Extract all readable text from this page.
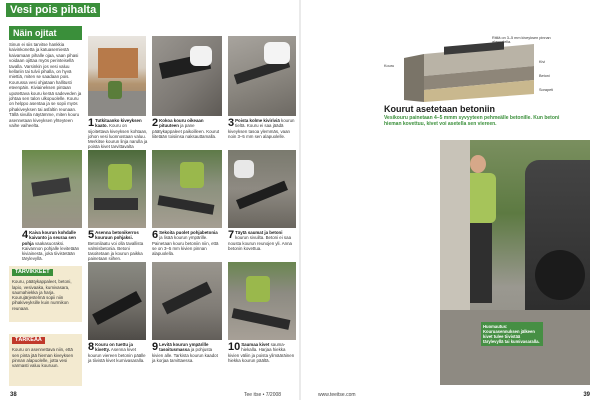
Vesi pois pihalta
Näin ojitat
Sinun ei siis tarvitse hankkia kaivinkonetta ja katuasemiestä kaivamaan pihalle ojaa, vaan pihasi voidaan ojittaa myös perinteisellä tavalla. Varsinkin jos vesi valuu kellariin tai tulvii pihalla, on hyvä miettiä, miten se saadaan pois. Kourussa vesi ohjataan hallitusti eteenpäin. Kiviaineksen pintaan upotettava kouru kerää sadeveden ja johtaa sen talon ulkopuolelle. Kouru on helppo asentaa ja se sopii myös pihakiveyksen tai asfaltin reunaan. Tällä sivulla näytämme, miten kouru asennetaan kiveyksen yhteyteen vaihe vaiheelta.	1 Tutkitaanko kiveyksen kaato. Kouru on sijoitettava kiveyksen kohtaan, johon vesi luonnostaan valuu. Merkitse kourun linja narulla ja poista kivet tarvittavalta
2 Kokoa kouru oikeaan pituuteen ja pane päätykappaleet paikoilleen. Kourut liitetään toisiinsa naksauttamalla.
3 Poista kolme kiviriviä kourun tieltä. Kouru ei saa jäädä kiveyksen tasoa ylemmäs, vaan noin 3–5 mm sen alapuolelle.
4 Kaiva kourun kohdalle kaivanto ja seuraa sen pohja vaakasuoraksi. Kaivannon pohjalle levitetään kiviainesta, joka tiivistetään tärylevyllä.
5 Asenna betonikerros kouruun pohjaksi. Betonilaatu voi olla tavallista valmisbetonia. Betoni tasoitetaan ja kourun paikka painetaan siihen.
6 Sekoita puolet pohjabetonia ja lisää kourun ympärille. Painetaan kouru betoniin niin, että se on 3–5 mm kivien pinnan alapuolella.
7 Täytä saumat ja betoni kourun sivuilta. Betoni ei saa nousta kourun reunojen yli. Anna betonin kovettua.
8 Kouru on tuettu ja kivetty. Asenna kivet kourun viereen betonin päälle ja tiivistä kivet kumivasaralla.
9 Levitä kourun ympärille tasoitusmassa ja pohjusta kivien alle. Tarkista kourun kaadot ja korjaa tarvittaessa.
10 Saumaa kivet sauma-hiekalla. Harjaa hiekka kivien väliin ja poista ylimääräinen hiekka kourun päältä.
TARVIKKEET
Kouru, päätykappaleet, betoni, lapio, vesivaaka, kumivasara, saumahiekka ja harja. Kourujärjestelmä sopii niin pihakiveyksille kuin nurmikon reunaan.
TÄRKEÄÄ
Kouru on asennettava niin, että sen pinta jää hieman kiveyksen pinnan alapuolelle, jotta vesi varmasti valuu kouruun.
38	Tee itse • 7/2008
Ritilä on 3–5 mm kiveyksen pinnan alapuolella.
Kivi
Betoni
Sorapeti
Kouru
Kourut asetetaan betoniin
Vesikouru painetaan 4–5 mmm syvyyteen pehmeälle betonille. Kun betoni hieman kovettuu, kivet voi asetella sen viereen.
Huomautus: Kouruasennuksen jälkeen kivet tulee tiivistää tärylevyllä tai kumivasaralla.
39
www.teeitse.com
